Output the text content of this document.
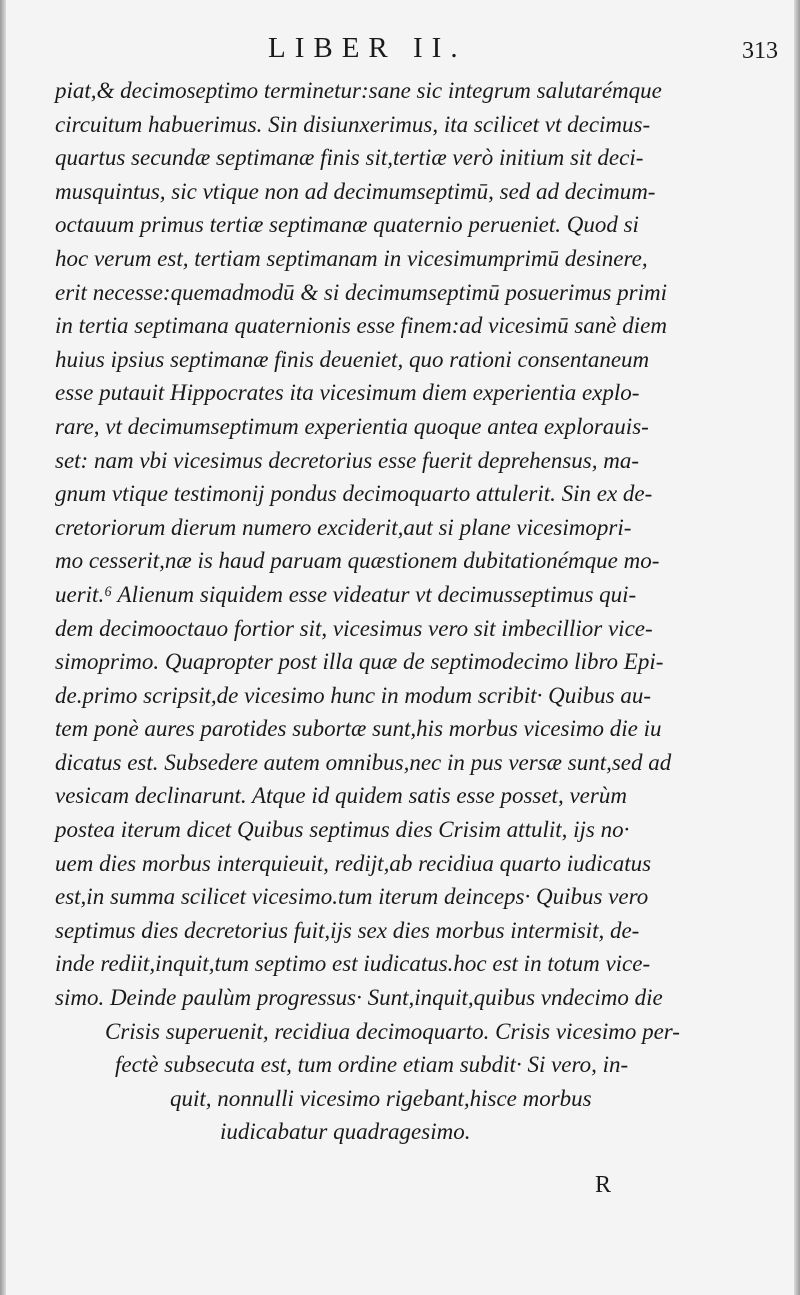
LIBER II.	313
piat,& decimoseptimo terminetur:sane sic integrum salutarémque
circuitum habuerimus. Sin disiunxerimus, ita scilicet vt decimus-
quartus secundæ septimanæ finis sit,tertiæ verò initium sit deci-
musquintus, sic vtique non ad decimumseptimū, sed ad decimum-
octauum primus tertiæ septimanæ quaternio perueniet. Quod si
hoc verum est, tertiam septimanam in vicesimumprimū desinere,
erit necesse:quemadmodū & si decimumseptimū posuerimus primi
in tertia septimana quaternionis esse finem:ad vicesimū sanè diem
huius ipsius septimanæ finis deueniet, quo rationi consentaneum
esse putauit Hippocrates ita vicesimum diem experientia explo-
rare, vt decimumseptimum experientia quoque antea explorauis-
set: nam vbi vicesimus decretorius esse fuerit deprehensus, ma-
gnum vtique testimonij pondus decimoquarto attulerit. Sin ex de-
cretoriorum dierum numero exciderit,aut si plane vicesimopri-
mo cesserit,næ is haud paruam quæstionem dubitationémque mo-
uerit.⁶ Alienum siquidem esse videatur vt decimusseptimus qui-
dem decimooctauo fortior sit, vicesimus vero sit imbecillior vice-
simoprimo. Quapropter post illa quæ de septimodecimo libro Epi-
de.primo scripsit,de vicesimo hunc in modum scribit· Quibus au-
tem ponè aures parotides subortæ sunt,his morbus vicesimo die iu
dicatus est. Subsedere autem omnibus,nec in pus versæ sunt,sed ad
vesicam declinarunt. Atque id quidem satis esse posset, verùm
postea iterum dicet Quibus septimus dies Crisim attulit, ijs no·
uem dies morbus interquieuit, redijt,ab recidiua quarto iudicatus
est,in summa scilicet vicesimo.tum iterum deinceps· Quibus vero
septimus dies decretorius fuit,ijs sex dies morbus intermisit, de-
inde rediit,inquit,tum septimo est iudicatus.hoc est in totum vice-
simo. Deinde paulùm progressus· Sunt,inquit,quibus vndecimo die
Crisis superuenit, recidiua decimoquarto. Crisis vicesimo per-
fectè subsecuta est, tum ordine etiam subdit· Si vero, in-
quit, nonnulli vicesimo rigebant,hisce morbus
iudicabatur quadragesimo.
R
